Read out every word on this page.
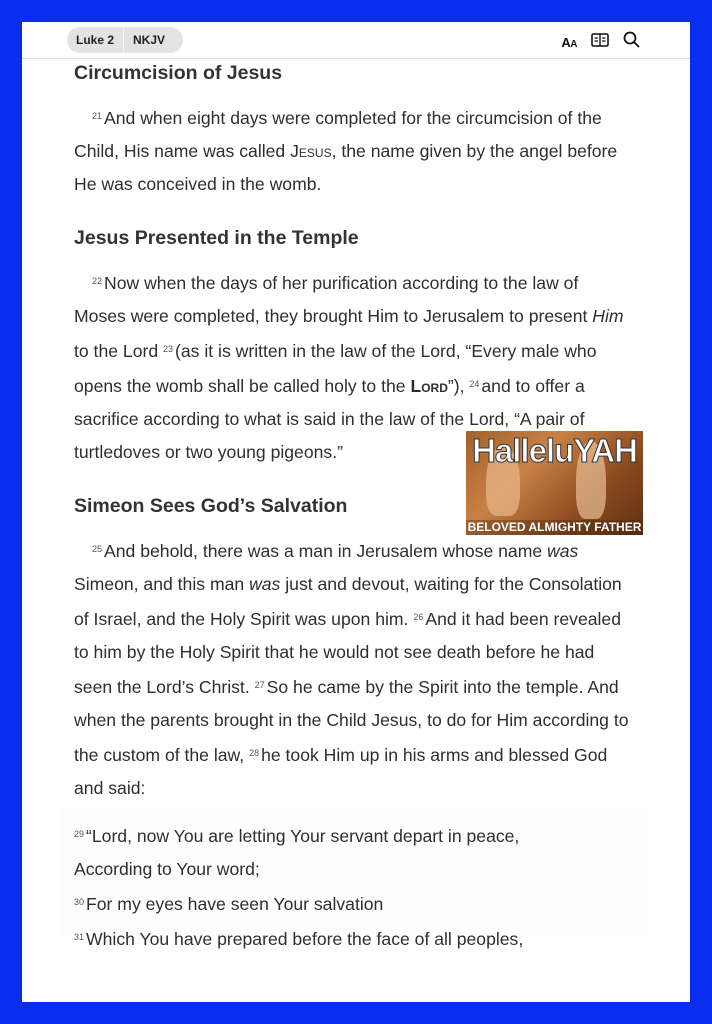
Luke 2	NKJV	AA
Circumcision of Jesus

$^{21}$ And when eight days were completed for the circumcision of the Child, His name was called Jesus, the name given by the angel before He was conceived in the womb.

Jesus Presented in the Temple

$^{22}$ Now when the days of her purification according to the law of Moses were completed, they brought Him to Jerusalem to present Him to the Lord $^{23}$ (as it is written in the law of the Lord, “Every male who opens the womb shall be called holy to the Lord”), $^{24}$ and to offer a sacrifice according to what is said in the law of the Lord, “A pair of turtledoves or two young pigeons.”

Simeon Sees God’s Salvation

$^{25}$ And behold, there was a man in Jerusalem whose name was Simeon, and this man was just and devout, waiting for the Consolation of Israel, and the Holy Spirit was upon him. $^{26}$ And it had been revealed to him by the Holy Spirit that he would not see death before he had seen the Lord’s Christ. $^{27}$ So he came by the Spirit into the temple. And when the parents brought in the Child Jesus, to do for Him according to the custom of the law, $^{28}$ he took Him up in his arms and blessed God and said:

$^{29}$ “Lord, now You are letting Your servant depart in peace,

According to Your word;

$^{30}$ For my eyes have seen Your salvation

$^{31}$ Which You have prepared before the face of all peoples,

HalleluYAH
BELOVED ALMIGHTY FATHER
